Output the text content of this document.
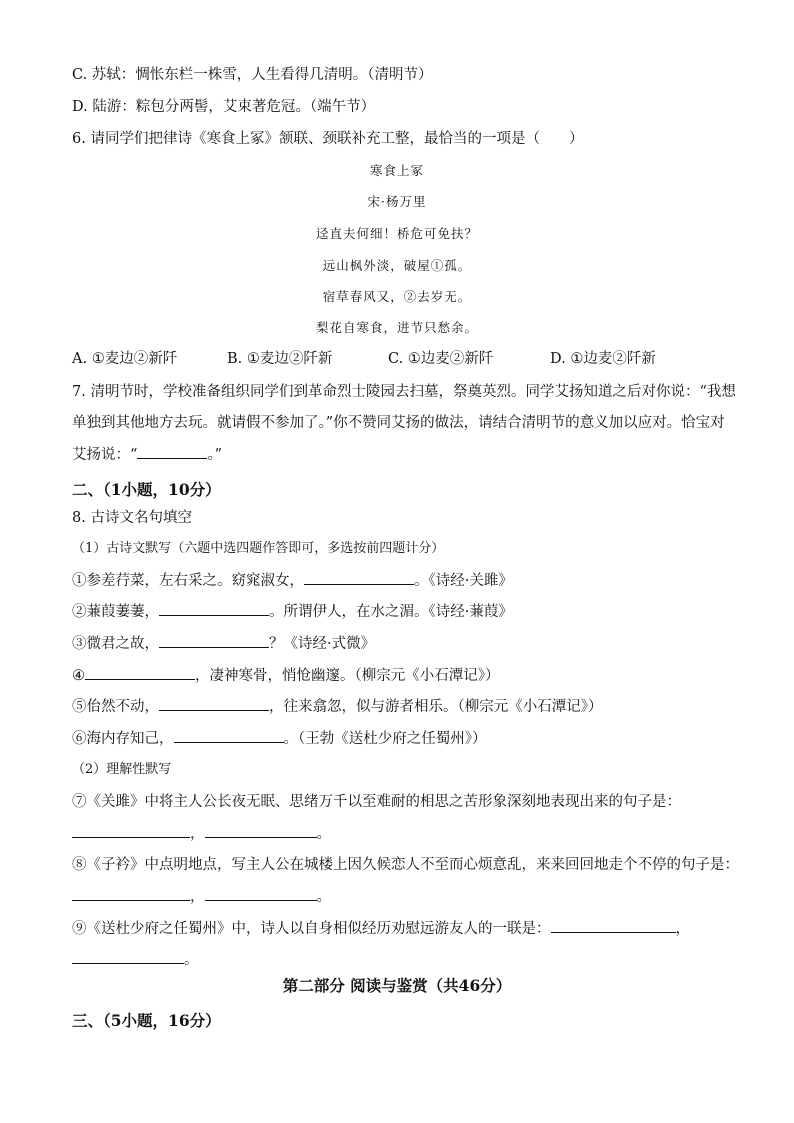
C. 苏轼：惆怅东栏一株雪，人生看得几清明。（清明节）
D. 陆游：粽包分两髻，艾束著危冠。（端午节）
6. 请同学们把律诗《寒食上冢》颔联、颈联补充工整，最恰当的一项是（　　）
寒食上冢
宋·杨万里
迳直夫何细！桥危可免扶？
远山枫外淡，破屋①孤。
宿草春风又，②去岁无。
梨花自寒食，进节只愁余。
A. ①麦边②新阡	B. ①麦边②阡新	C. ①边麦②新阡	D. ①边麦②阡新
7. 清明节时，学校准备组织同学们到革命烈士陵园去扫墓，祭奠英烈。同学艾扬知道之后对你说：“我想
单独到其他地方去玩。就请假不参加了。”你不赞同艾扬的做法，请结合清明节的意义加以应对。恰宝对
艾扬说：“	。”
二、（1小题，10分）
8. 古诗文名句填空
（1）古诗文默写（六题中选四题作答即可，多选按前四题计分）
①参差荇菜，左右采之。窈窕淑女，	。《诗经·关雎》
②蒹葭萋萋，	。所谓伊人，在水之湄。《诗经·蒹葭》
③微君之故，	？《诗经·式微》
④	，凄神寒骨，悄怆幽邃。（柳宗元《小石潭记》）
⑤佁然不动，	，往来翕忽，似与游者相乐。（柳宗元《小石潭记》）
⑥海内存知己，	。（王勃《送杜少府之任蜀州》）
（2）理解性默写
⑦《关雎》中将主人公长夜无眠、思绪万千以至难耐的相思之苦形象深刻地表现出来的句子是：
，	。
⑧《子衿》中点明地点，写主人公在城楼上因久候恋人不至而心烦意乱，来来回回地走个不停的句子是：
，	。
⑨《送杜少府之任蜀州》中，诗人以自身相似经历劝慰远游友人的一联是：	，
。
第二部分 阅读与鉴赏（共46分）
三、（5小题，16分）
